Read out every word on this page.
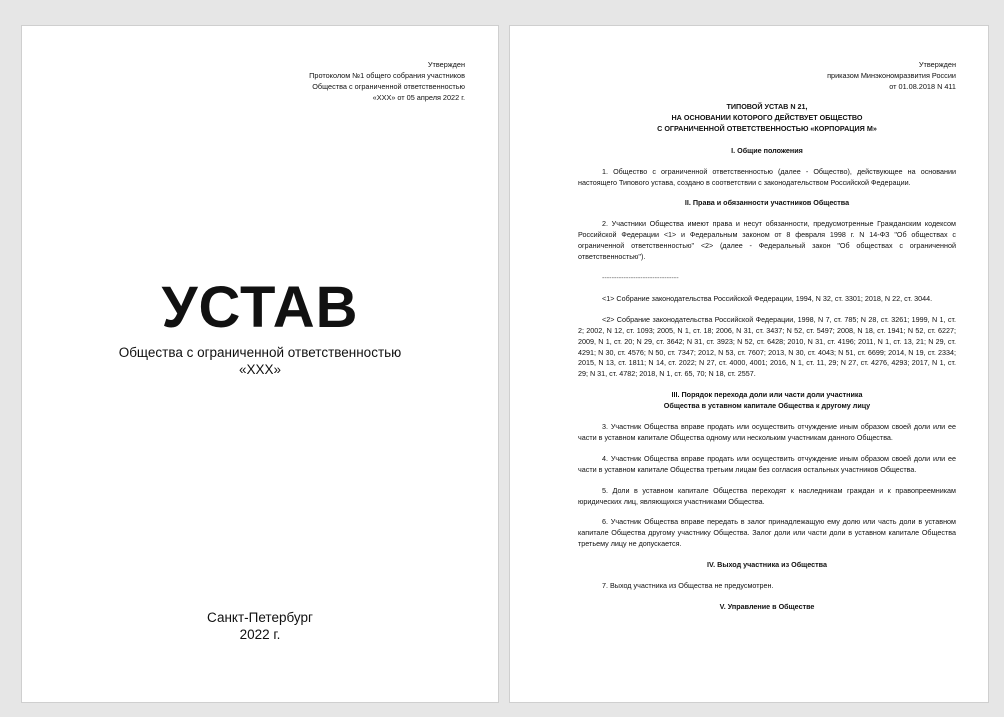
Утвержден
Протоколом №1 общего собрания участников
Общества с ограниченной ответственностью
«ХХХ» от 05 апреля 2022 г.
УСТАВ
Общества с ограниченной ответственностью
«ХХХ»
Санкт-Петербург
2022 г.
Утвержден
приказом Минэкономразвития России
от 01.08.2018 N 411
ТИПОВОЙ УСТАВ N 21,
НА ОСНОВАНИИ КОТОРОГО ДЕЙСТВУЕТ ОБЩЕСТВО
С ОГРАНИЧЕННОЙ ОТВЕТСТВЕННОСТЬЮ «КОРПОРАЦИЯ М»
I. Общие положения
1. Общество с ограниченной ответственностью (далее - Общество), действующее на основании настоящего Типового устава, создано в соответствии с законодательством Российской Федерации.
II. Права и обязанности участников Общества
2. Участники Общества имеют права и несут обязанности, предусмотренные Гражданским кодексом Российской Федерации <1> и Федеральным законом от 8 февраля 1998 г. N 14-ФЗ "Об обществах с ограниченной ответственностью" <2> (далее - Федеральный закон "Об обществах с ограниченной ответственностью").
--------------------------------
<1> Собрание законодательства Российской Федерации, 1994, N 32, ст. 3301; 2018, N 22, ст. 3044.
<2> Собрание законодательства Российской Федерации, 1998, N 7, ст. 785; N 28, ст. 3261; 1999, N 1, ст. 2; 2002, N 12, ст. 1093; 2005, N 1, ст. 18; 2006, N 31, ст. 3437; N 52, ст. 5497; 2008, N 18, ст. 1941; N 52, ст. 6227; 2009, N 1, ст. 20; N 29, ст. 3642; N 31, ст. 3923; N 52, ст. 6428; 2010, N 31, ст. 4196; 2011, N 1, ст. 13, 21; N 29, ст. 4291; N 30, ст. 4576; N 50, ст. 7347; 2012, N 53, ст. 7607; 2013, N 30, ст. 4043; N 51, ст. 6699; 2014, N 19, ст. 2334; 2015, N 13, ст. 1811; N 14, ст. 2022; N 27, ст. 4000, 4001; 2016, N 1, ст. 11, 29; N 27, ст. 4276, 4293; 2017, N 1, ст. 29; N 31, ст. 4782; 2018, N 1, ст. 65, 70; N 18, ст. 2557.
III. Порядок перехода доли или части доли участника
Общества в уставном капитале Общества к другому лицу
3. Участник Общества вправе продать или осуществить отчуждение иным образом своей доли или ее части в уставном капитале Общества одному или нескольким участникам данного Общества.
4. Участник Общества вправе продать или осуществить отчуждение иным образом своей доли или ее части в уставном капитале Общества третьим лицам без согласия остальных участников Общества.
5. Доли в уставном капитале Общества переходят к наследникам граждан и к правопреемникам юридических лиц, являющихся участниками Общества.
6. Участник Общества вправе передать в залог принадлежащую ему долю или часть доли в уставном капитале Общества другому участнику Общества. Залог доли или части доли в уставном капитале Общества третьему лицу не допускается.
IV. Выход участника из Общества
7. Выход участника из Общества не предусмотрен.
V. Управление в Обществе
